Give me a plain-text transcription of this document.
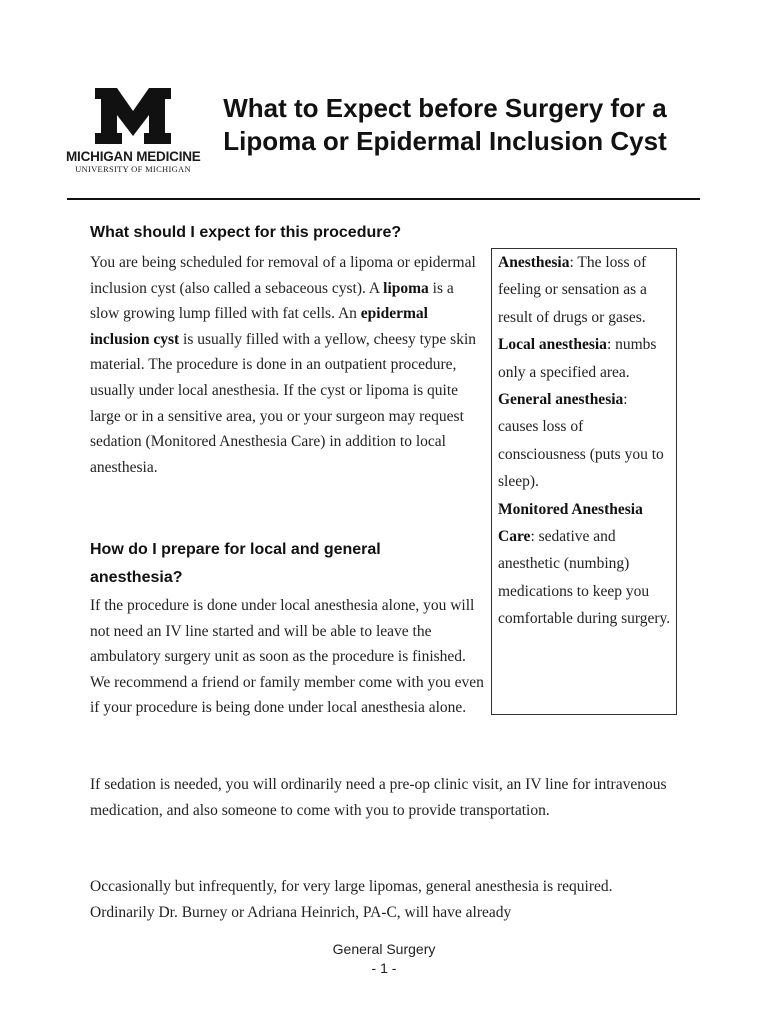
MICHIGAN MEDICINE
UNIVERSITY OF MICHIGAN
What to Expect before Surgery for a Lipoma or Epidermal Inclusion Cyst
What should I expect for this procedure?

You are being scheduled for removal of a lipoma or epidermal inclusion cyst (also called a sebaceous cyst). A lipoma is a slow growing lump filled with fat cells. An epidermal inclusion cyst is usually filled with a yellow, cheesy type skin material. The procedure is done in an outpatient procedure, usually under local anesthesia. If the cyst or lipoma is quite large or in a sensitive area, you or your surgeon may request sedation (Monitored Anesthesia Care) in addition to local anesthesia.

Anesthesia: The loss of feeling or sensation as a result of drugs or gases.

Local anesthesia: numbs only a specified area.

General anesthesia: causes loss of consciousness (puts you to sleep).

Monitored Anesthesia Care: sedative and anesthetic (numbing) medications to keep you comfortable during surgery.

How do I prepare for local and general
anesthesia?

If the procedure is done under local anesthesia alone, you will not need an IV line started and will be able to leave the ambulatory surgery unit as soon as the procedure is finished. We recommend a friend or family member come with you even if your procedure is being done under local anesthesia alone.

If sedation is needed, you will ordinarily need a pre-op clinic visit, an IV line for intravenous medication, and also someone to come with you to provide transportation.

Occasionally but infrequently, for very large lipomas, general anesthesia is required. Ordinarily Dr. Burney or Adriana Heinrich, PA-C, will have already

General Surgery
- 1 -
